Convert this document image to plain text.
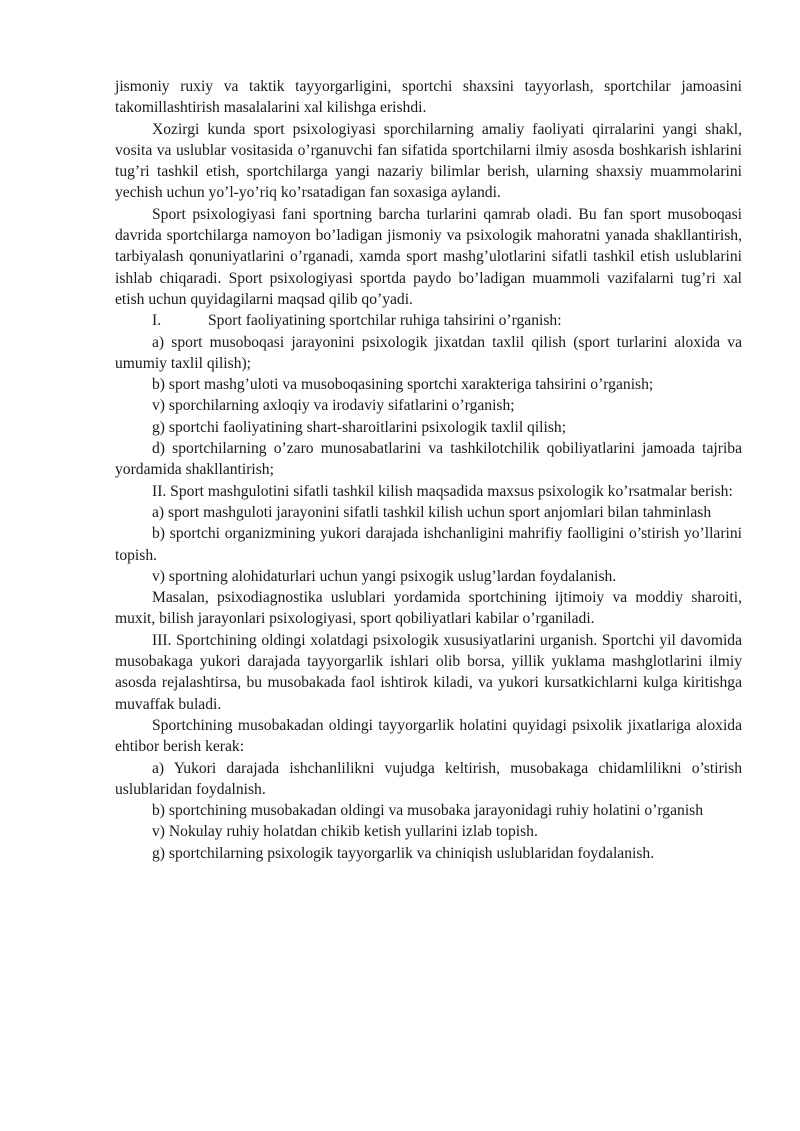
jismoniy ruxiy va taktik tayyorgarligini, sportchi shaxsini tayyorlash, sportchilar jamoasini takomillashtirish masalalarini xal kilishga erishdi.

Xozirgi kunda sport psixologiyasi sporchilarning amaliy faoliyati qirralarini yangi shakl, vosita va uslublar vositasida o’rganuvchi fan sifatida sportchilarni ilmiy asosda boshkarish ishlarini tug’ri tashkil etish, sportchilarga yangi nazariy bilimlar berish, ularning shaxsiy muammolarini yechish uchun yo’l-yo’riq ko’rsatadigan fan soxasiga aylandi.

Sport psixologiyasi fani sportning barcha turlarini qamrab oladi. Bu fan sport musoboqasi davrida sportchilarga namoyon bo’ladigan jismoniy va psixologik mahoratni yanada shakllantirish, tarbiyalash qonuniyatlarini o’rganadi, xamda sport mashg’ulotlarini sifatli tashkil etish uslublarini ishlab chiqaradi. Sport psixologiyasi sportda paydo bo’ladigan muammoli vazifalarni tug’ri xal etish uchun quyidagilarni maqsad qilib qo’yadi.

I.	Sport faoliyatining sportchilar ruhiga tahsirini o’rganish:

a) sport musoboqasi jarayonini psixologik jixatdan taxlil qilish (sport turlarini aloxida va umumiy taxlil qilish);

b) sport mashg’uloti va musoboqasining sportchi xarakteriga tahsirini o’rganish;

v) sporchilarning axloqiy va irodaviy sifatlarini o’rganish;

g) sportchi faoliyatining shart-sharoitlarini psixologik taxlil qilish;

d) sportchilarning o’zaro munosabatlarini va tashkilotchilik qobiliyatlarini jamoada tajriba yordamida shakllantirish;

II. Sport mashgulotini sifatli tashkil kilish maqsadida maxsus psixologik ko’rsatmalar berish:

a) sport mashguloti jarayonini sifatli tashkil kilish uchun sport anjomlari bilan tahminlash

b) sportchi organizmining yukori darajada ishchanligini mahrifiy faolligini o’stirish yo’llarini topish.

v) sportning alohidaturlari uchun yangi psixogik uslug’lardan foydalanish.

Masalan, psixodiagnostika uslublari yordamida sportchining ijtimoiy va moddiy sharoiti, muxit, bilish jarayonlari psixologiyasi, sport qobiliyatlari kabilar o’rganiladi.

III. Sportchining oldingi xolatdagi psixologik xususiyatlarini urganish. Sportchi yil davomida musobakaga yukori darajada tayyorgarlik ishlari olib borsa, yillik yuklama mashglotlarini ilmiy asosda rejalashtirsa, bu musobakada faol ishtirok kiladi, va yukori kursatkichlarni kulga kiritishga muvaffak buladi.

Sportchining musobakadan oldingi tayyorgarlik holatini quyidagi psixolik jixatlariga aloxida ehtibor berish kerak:

a) Yukori darajada ishchanlilikni vujudga keltirish, musobakaga chidamlilikni o’stirish uslublaridan foydalnish.

b) sportchining musobakadan oldingi va musobaka jarayonidagi ruhiy holatini o’rganish

v) Nokulay ruhiy holatdan chikib ketish yullarini izlab topish.

g) sportchilarning psixologik tayyorgarlik va chiniqish uslublaridan foydalanish.
